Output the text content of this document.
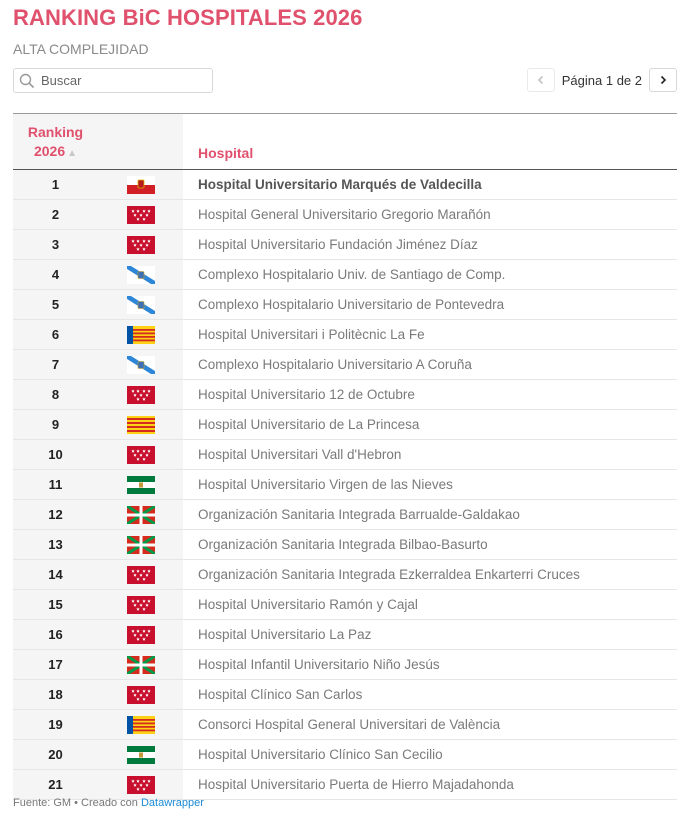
RANKING BiC HOSPITALES 2026
ALTA COMPLEJIDAD
Buscar
Página 1 de 2
Ranking
2026 ▲	Hospital
1	Hospital Universitario Marqués de Valdecilla
2	Hospital General Universitario Gregorio Marañón
3	Hospital Universitario Fundación Jiménez Díaz
4	Complexo Hospitalario Univ. de Santiago de Comp.
5	Complexo Hospitalario Universitario de Pontevedra
6	Hospital Universitari i Politècnic La Fe
7	Complexo Hospitalario Universitario A Coruña
8	Hospital Universitario 12 de Octubre
9	Hospital Universitario de La Princesa
10	Hospital Universitari Vall d'Hebron
11	Hospital Universitario Virgen de las Nieves
12	Organización Sanitaria Integrada Barrualde-Galdakao
13	Organización Sanitaria Integrada Bilbao-Basurto
14	Organización Sanitaria Integrada Ezkerraldea Enkarterri Cruces
15	Hospital Universitario Ramón y Cajal
16	Hospital Universitario La Paz
17	Hospital Infantil Universitario Niño Jesús
18	Hospital Clínico San Carlos
19	Consorci Hospital General Universitari de València
20	Hospital Universitario Clínico San Cecilio
21	Hospital Universitario Puerta de Hierro Majadahonda
Fuente: GM • Creado con Datawrapper
